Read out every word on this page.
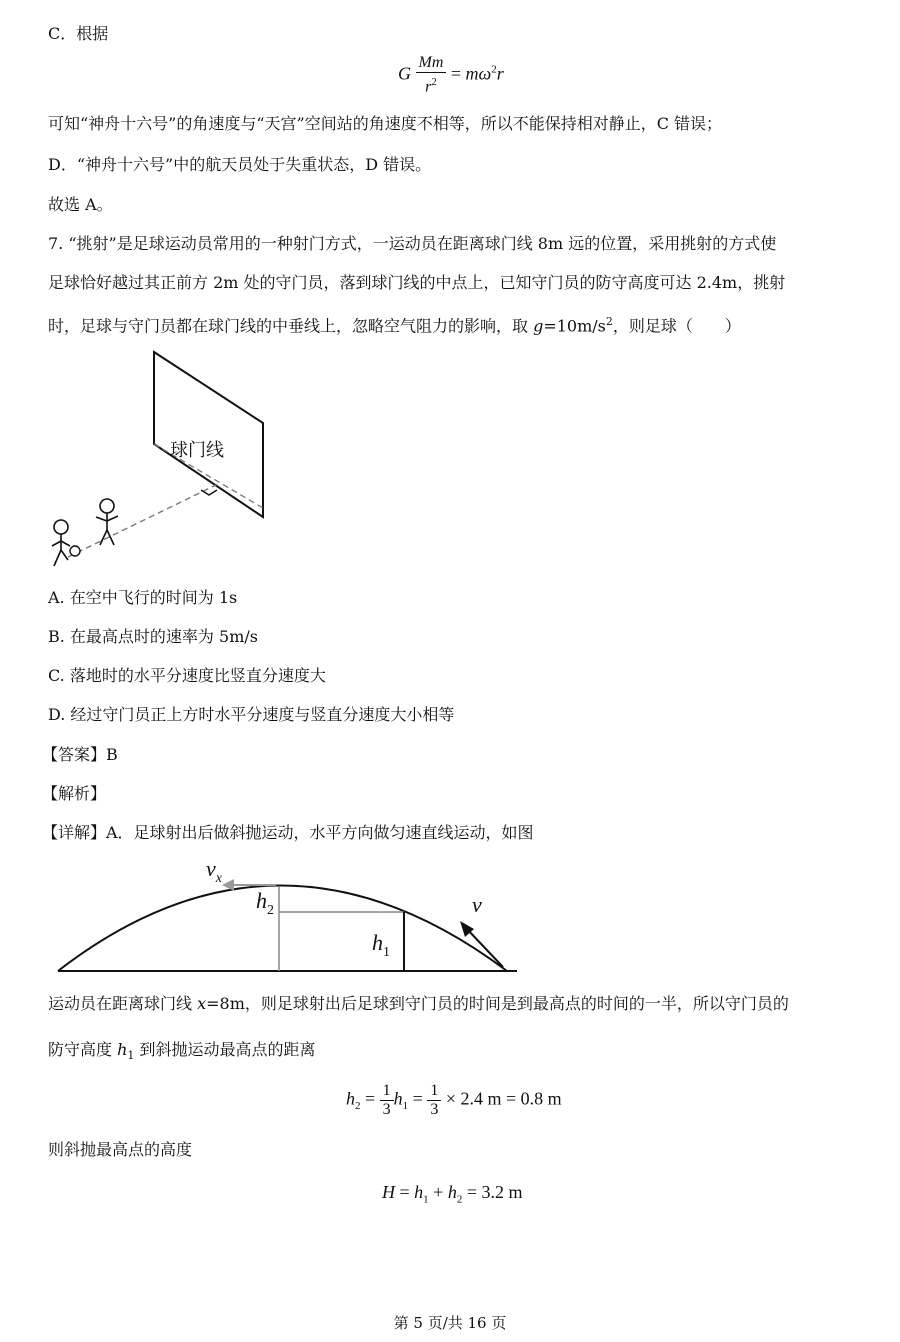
C．根据
G $\frac{Mm}{r^2} = m\omega^2r$
可知“神舟十六号”的角速度与“天宫”空间站的角速度不相等，所以不能保持相对静止，C 错误；
D．“神舟十六号”中的航天员处于失重状态，D 错误。
故选 A。
7. “挑射”是足球运动员常用的一种射门方式，一运动员在距离球门线 8m 远的位置，采用挑射的方式使
足球恰好越过其正前方 2m 处的守门员，落到球门线的中点上，已知守门员的防守高度可达 2.4m，挑射
时，足球与守门员都在球门线的中垂线上，忽略空气阻力的影响，取 $g=10m/s^2$，则足球（　　）
球门线
A. 在空中飞行的时间为 1s
B. 在最高点时的速率为 5m/s
C. 落地时的水平分速度比竖直分速度大
D. 经过守门员正上方时水平分速度与竖直分速度大小相等
【答案】B
【解析】
【详解】A．足球射出后做斜抛运动，水平方向做匀速直线运动，如图
$v_x$
$h_2$
$h_1$
v
运动员在距离球门线 x=8m，则足球射出后足球到守门员的时间是到最高点的时间的一半，所以守门员的
防守高度 $h_1$ 到斜抛运动最高点的距离
$h_2 = \frac{1}{3} h_1 = \frac{1}{3} \times 2.4$ m = 0.8 m
则斜抛最高点的高度
$H = h_1 + h_2 = 3.2$ m
第 5 页/共 16 页
